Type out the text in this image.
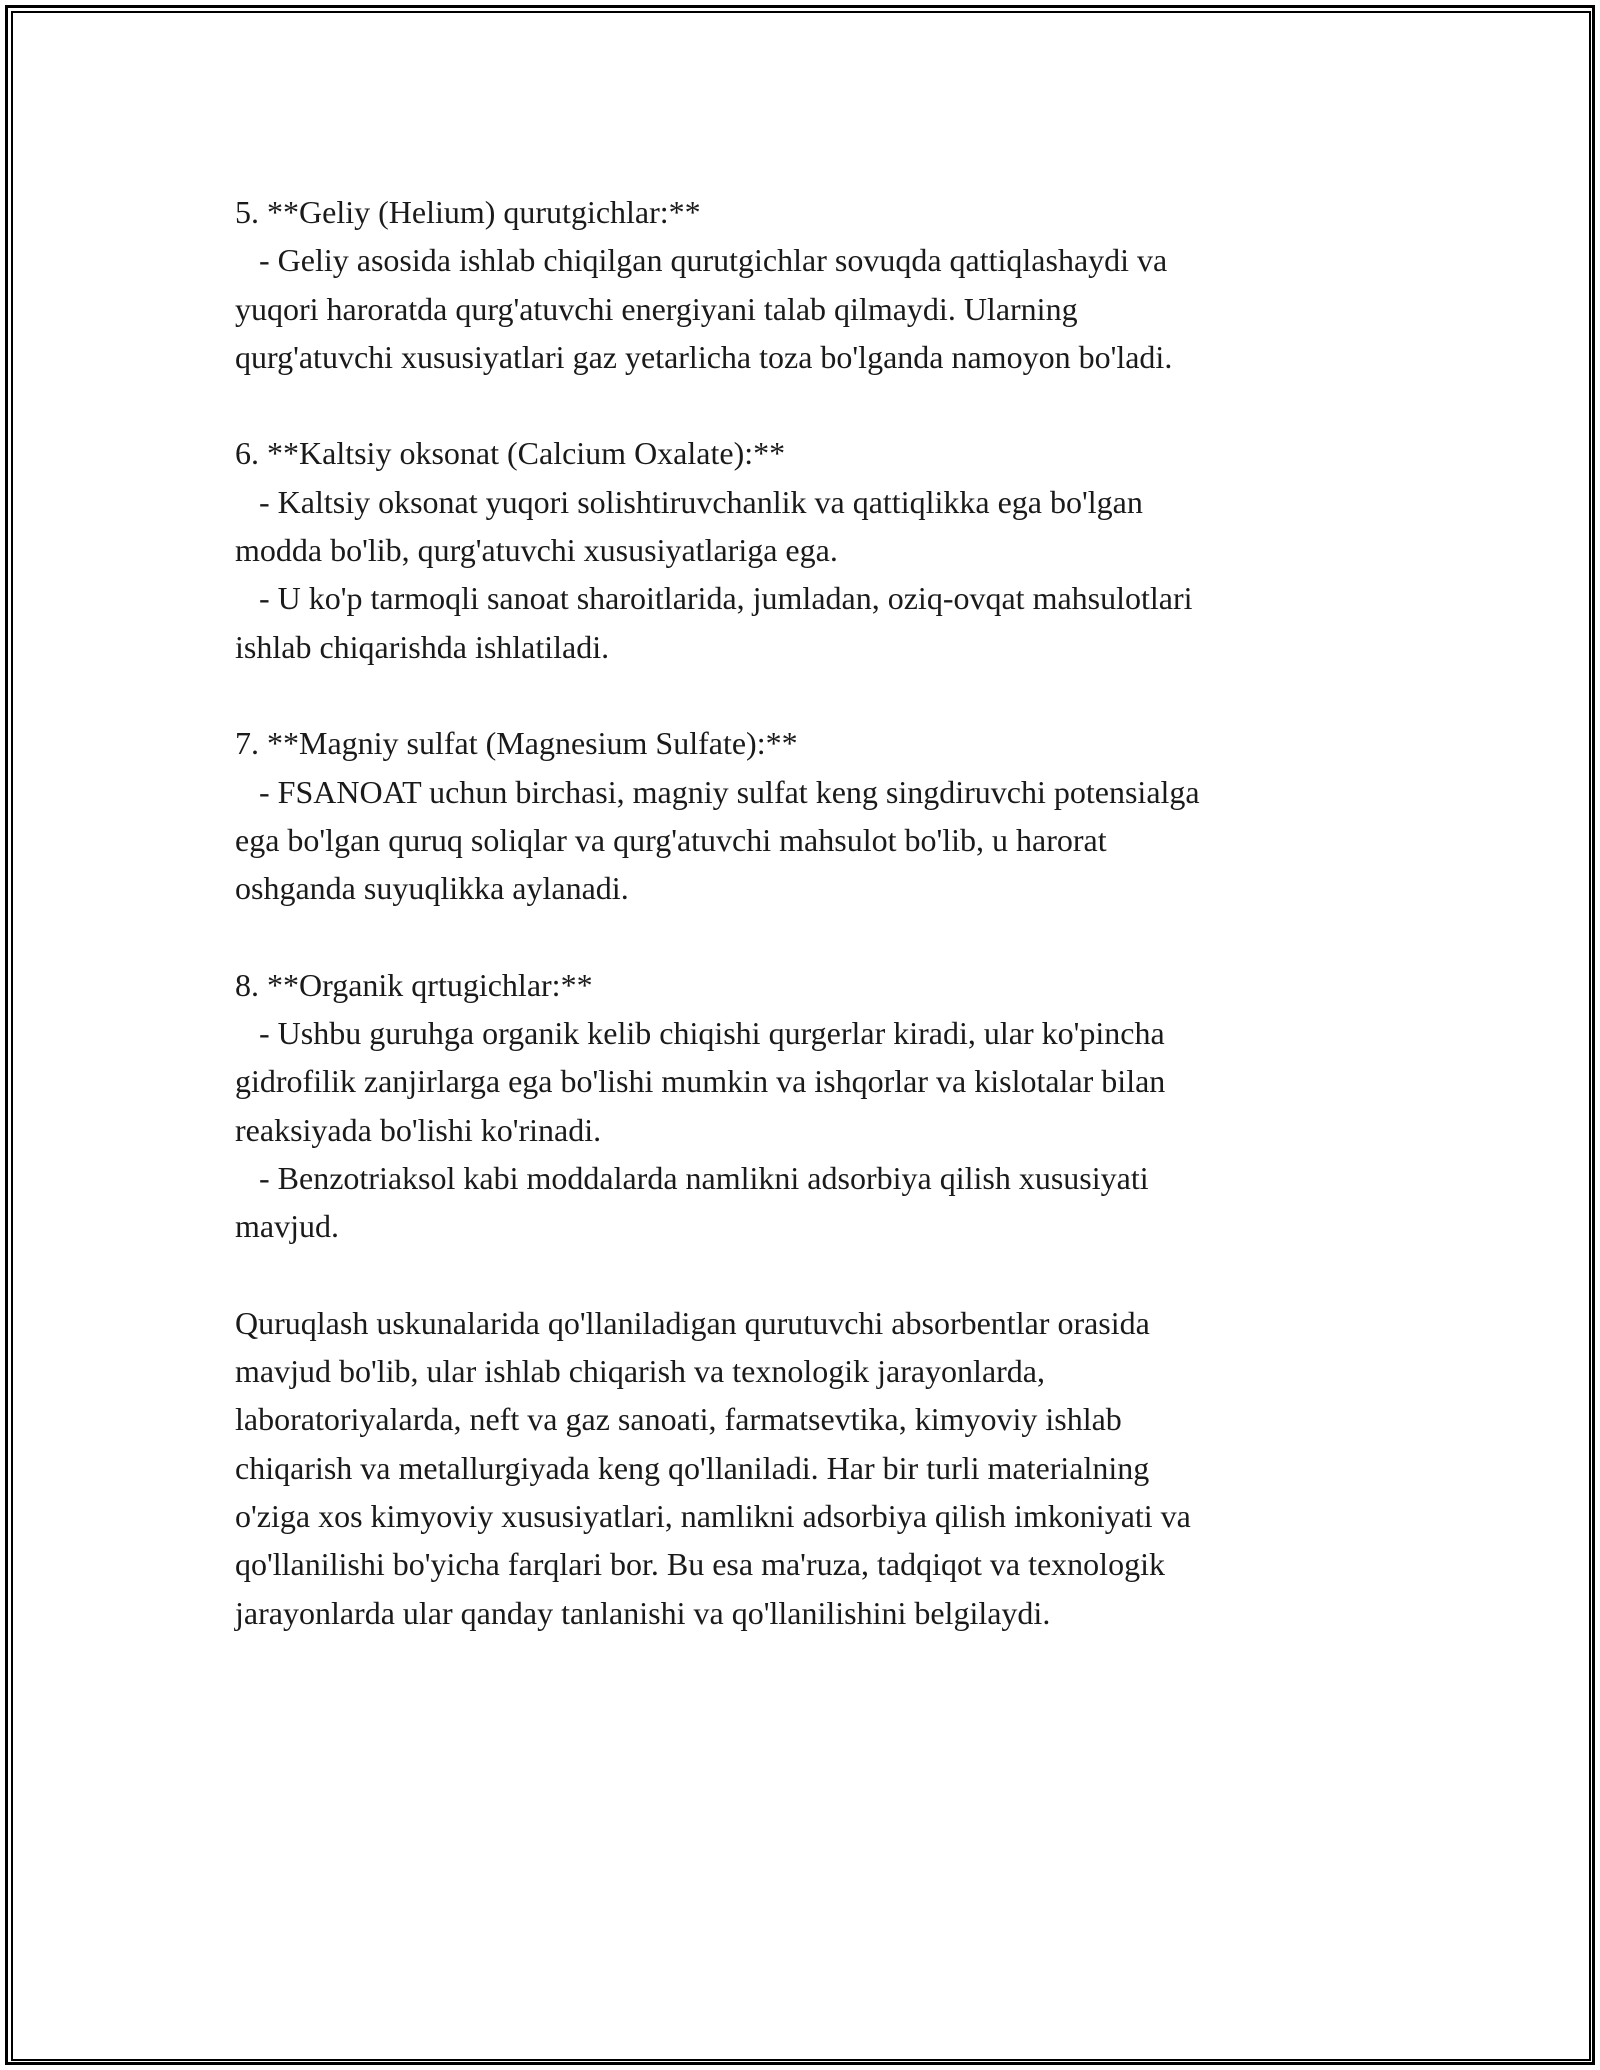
5. **Geliy (Helium) qurutgichlar:**
- Geliy asosida ishlab chiqilgan qurutgichlar sovuqda qattiqlashaydi va
yuqori haroratda qurg'atuvchi energiyani talab qilmaydi. Ularning
qurg'atuvchi xususiyatlari gaz yetarlicha toza bo'lganda namoyon bo'ladi.
6. **Kaltsiy oksonat (Calcium Oxalate):**
- Kaltsiy oksonat yuqori solishtiruvchanlik va qattiqlikka ega bo'lgan
modda bo'lib, qurg'atuvchi xususiyatlariga ega.
- U ko'p tarmoqli sanoat sharoitlarida, jumladan, oziq-ovqat mahsulotlari
ishlab chiqarishda ishlatiladi.
7. **Magniy sulfat (Magnesium Sulfate):**
- FSANOAT uchun birchasi, magniy sulfat keng singdiruvchi potensialga
ega bo'lgan quruq soliqlar va qurg'atuvchi mahsulot bo'lib, u harorat
oshganda suyuqlikka aylanadi.
8. **Organik qrtugichlar:**
- Ushbu guruhga organik kelib chiqishi qurgerlar kiradi, ular ko'pincha
gidrofilik zanjirlarga ega bo'lishi mumkin va ishqorlar va kislotalar bilan
reaksiyada bo'lishi ko'rinadi.
- Benzotriaksol kabi moddalarda namlikni adsorbiya qilish xususiyati
mavjud.
Quruqlash uskunalarida qo'llaniladigan qurutuvchi absorbentlar orasida
mavjud bo'lib, ular ishlab chiqarish va texnologik jarayonlarda,
laboratoriyalarda, neft va gaz sanoati, farmatsevtika, kimyoviy ishlab
chiqarish va metallurgiyada keng qo'llaniladi. Har bir turli materialning
o'ziga xos kimyoviy xususiyatlari, namlikni adsorbiya qilish imkoniyati va
qo'llanilishi bo'yicha farqlari bor. Bu esa ma'ruza, tadqiqot va texnologik
jarayonlarda ular qanday tanlanishi va qo'llanilishini belgilaydi.
